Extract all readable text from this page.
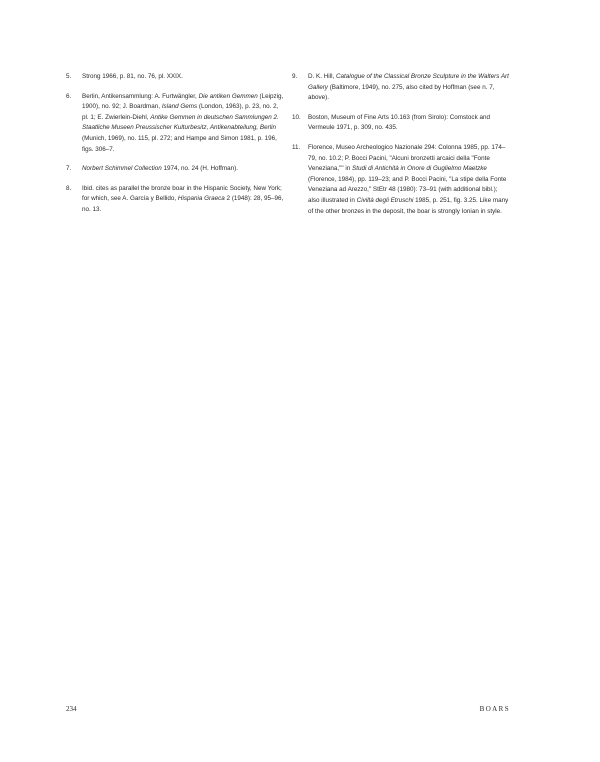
5.	Strong 1966, p. 81, no. 76, pl. XXIX.
6.	Berlin, Antikensammlung: A. Furtwängler, Die antiken Gemmen (Leipzig, 1900), no. 92; J. Boardman, Island Gems (London, 1963), p. 23, no. 2, pl. 1; E. Zwierlein-Diehl, Antike Gemmen in deutschen Sammlungen 2. Staatliche Museen Preussischer Kulturbesitz, Antikenabteilung, Berlin (Munich, 1969), no. 115, pl. 272; and Hampe and Simon 1981, p. 196, figs. 306–7.
7.	Norbert Schimmel Collection 1974, no. 24 (H. Hoffman).
8.	Ibid. cites as parallel the bronze boar in the Hispanic Society, New York; for which, see A. García y Bellido, Hispania Graeca 2 (1948): 28, 95–96, no. 13.
9.	D. K. Hill, Catalogue of the Classical Bronze Sculpture in the Walters Art Gallery (Baltimore, 1949), no. 275, also cited by Hoffman (see n. 7, above).
10.	Boston, Museum of Fine Arts 10.163 (from Sirolo): Comstock and Vermeule 1971, p. 309, no. 435.
11.	Florence, Museo Archeologico Nazionale 294: Colonna 1985, pp. 174–79, no. 10.2; P. Bocci Pacini, "Alcuni bronzetti arcaici della "Fonte Veneziana,"" in Studi di Antichità in Onore di Guglielmo Maetzke (Florence, 1984), pp. 119–23; and P. Bocci Pacini, "La stipe della Fonte Veneziana ad Arezzo," StEtr 48 (1980): 73–91 (with additional bibl.); also illustrated in Civiltà degli Etruschi 1985, p. 251, fig. 3.25. Like many of the other bronzes in the deposit, the boar is strongly Ionian in style.
234	BOARS
